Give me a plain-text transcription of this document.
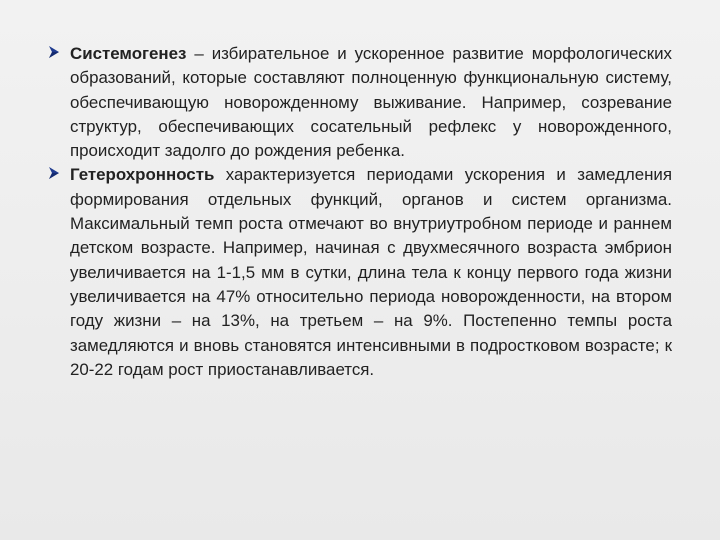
Системогенез – избирательное и ускоренное развитие морфологических образований, которые составляют полноценную функциональную систему, обеспечивающую новорожденному выживание. Например, созревание структур, обеспечивающих сосательный рефлекс у новорожденного, происходит задолго до рождения ребенка.
Гетерохронность характеризуется периодами ускорения и замедления формирования отдельных функций, органов и систем организма. Максимальный темп роста отмечают во внутриутробном периоде и раннем детском возрасте. Например, начиная с двухмесячного возраста эмбрион увеличивается на 1-1,5 мм в сутки, длина тела к концу первого года жизни увеличивается на 47% относительно периода новорожденности, на втором году жизни – на 13%, на третьем – на 9%. Постепенно темпы роста замедляются и вновь становятся интенсивными в подростковом возрасте; к 20-22 годам рост приостанавливается.
